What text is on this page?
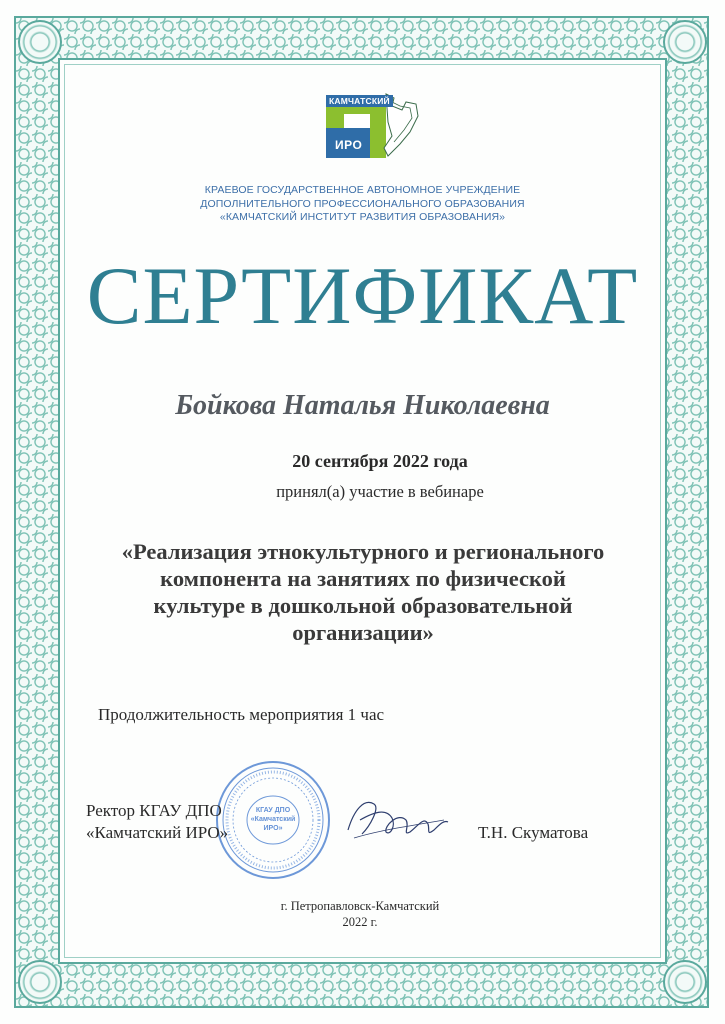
КАМЧАТСКИЙ
ИРО
КРАЕВОЕ ГОСУДАРСТВЕННОЕ АВТОНОМНОЕ УЧРЕЖДЕНИЕ
ДОПОЛНИТЕЛЬНОГО ПРОФЕССИОНАЛЬНОГО ОБРАЗОВАНИЯ
«КАМЧАТСКИЙ ИНСТИТУТ РАЗВИТИЯ ОБРАЗОВАНИЯ»
СЕРТИФИКАТ
Бойкова Наталья Николаевна
20 сентября 2022 года
принял(а) участие в вебинаре
«Реализация этнокультурного и регионального
компонента на занятиях по физической
культуре в дошкольной образовательной
организации»
Продолжительность мероприятия 1 час
КГАУ ДПО «Камчатский ИРО»
Ректор КГАУ ДПО
«Камчатский ИРО»	Т.Н. Скуматова
г. Петропавловск-Камчатский
2022 г.
